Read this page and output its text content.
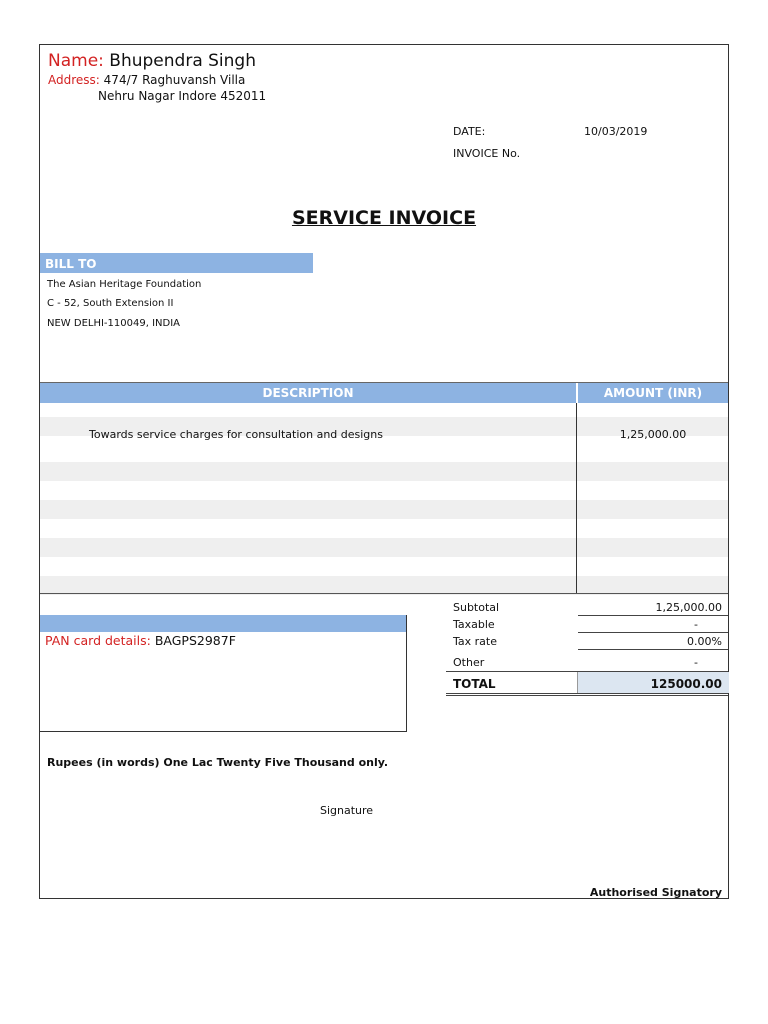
Name: Bhupendra Singh
Address: 474/7 Raghuvansh Villa
Nehru Nagar Indore 452011
DATE:	10/03/2019
INVOICE No.
SERVICE INVOICE
BILL TO
The Asian Heritage Foundation
C - 52, South Extension II
NEW DELHI-110049, INDIA
DESCRIPTION	AMOUNT (INR)
Towards service charges for consultation and designs	1,25,000.00
PAN card details: BAGPS2987F
Subtotal	1,25,000.00
Taxable	-
Tax rate	0.00%
Other	-
TOTAL	125000.00
Rupees (in words) One Lac Twenty Five Thousand only.
Signature
Authorised Signatory
